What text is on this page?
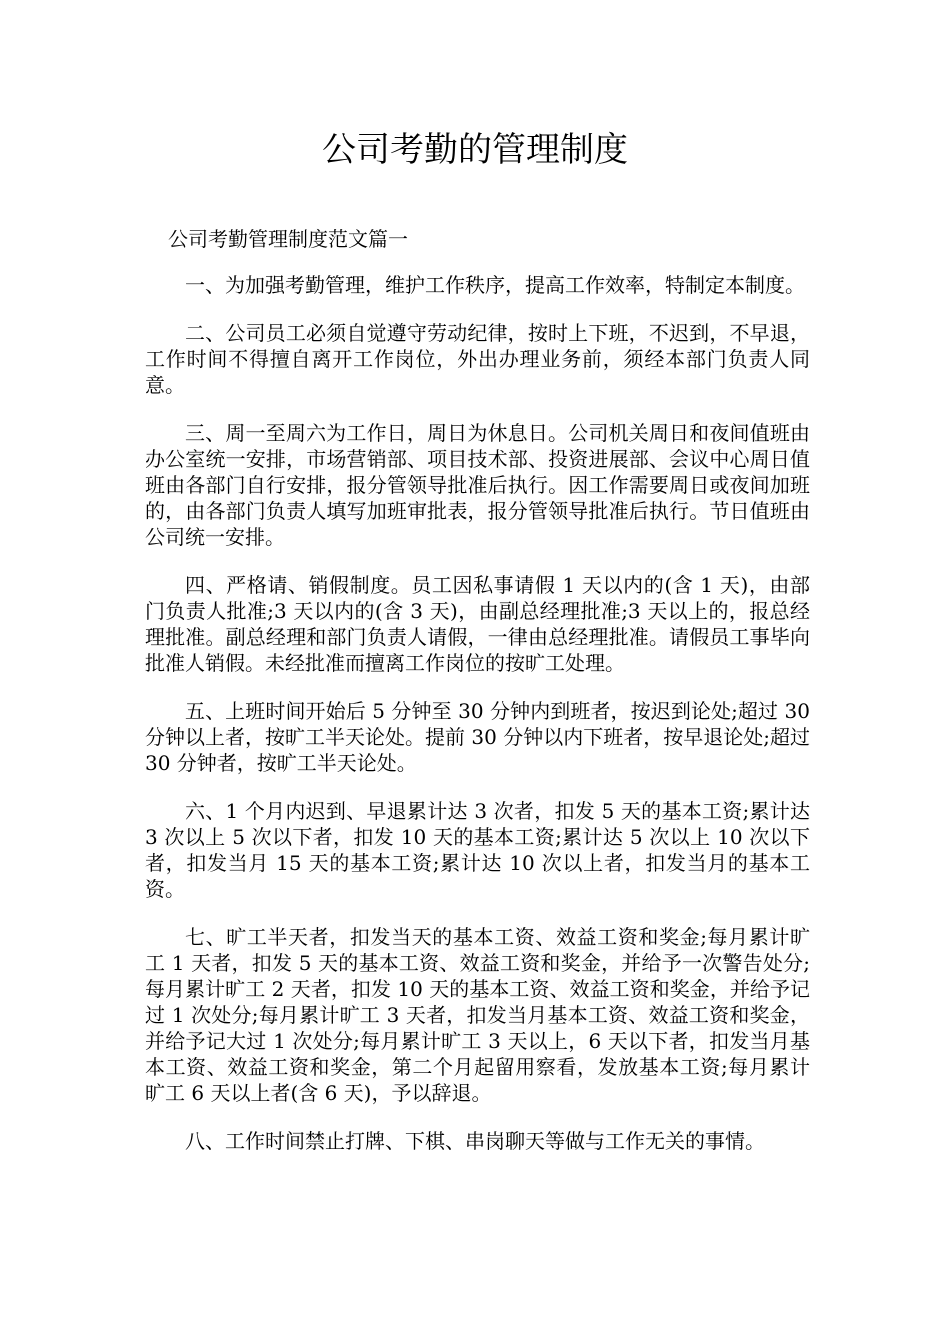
公司考勤的管理制度

公司考勤管理制度范文篇一

一、为加强考勤管理，维护工作秩序，提高工作效率，特制定本制度。

二、公司员工必须自觉遵守劳动纪律，按时上下班，不迟到，不早退，工作时间不得擅自离开工作岗位，外出办理业务前，须经本部门负责人同意。

三、周一至周六为工作日，周日为休息日。公司机关周日和夜间值班由办公室统一安排，市场营销部、项目技术部、投资进展部、会议中心周日值班由各部门自行安排，报分管领导批准后执行。因工作需要周日或夜间加班的，由各部门负责人填写加班审批表，报分管领导批准后执行。节日值班由公司统一安排。

四、严格请、销假制度。员工因私事请假 1 天以内的(含 1 天)，由部门负责人批准;3 天以内的(含 3 天)，由副总经理批准;3 天以上的，报总经理批准。副总经理和部门负责人请假，一律由总经理批准。请假员工事毕向批准人销假。未经批准而擅离工作岗位的按旷工处理。

五、上班时间开始后 5 分钟至 30 分钟内到班者，按迟到论处;超过 30 分钟以上者，按旷工半天论处。提前 30 分钟以内下班者，按早退论处;超过 30 分钟者，按旷工半天论处。

六、1 个月内迟到、早退累计达 3 次者，扣发 5 天的基本工资;累计达 3 次以上 5 次以下者，扣发 10 天的基本工资;累计达 5 次以上 10 次以下者，扣发当月 15 天的基本工资;累计达 10 次以上者，扣发当月的基本工资。

七、旷工半天者，扣发当天的基本工资、效益工资和奖金;每月累计旷工 1 天者，扣发 5 天的基本工资、效益工资和奖金，并给予一次警告处分;每月累计旷工 2 天者，扣发 10 天的基本工资、效益工资和奖金，并给予记过 1 次处分;每月累计旷工 3 天者，扣发当月基本工资、效益工资和奖金，并给予记大过 1 次处分;每月累计旷工 3 天以上，6 天以下者，扣发当月基本工资、效益工资和奖金，第二个月起留用察看，发放基本工资;每月累计旷工 6 天以上者(含 6 天)，予以辞退。

八、工作时间禁止打牌、下棋、串岗聊天等做与工作无关的事情。
